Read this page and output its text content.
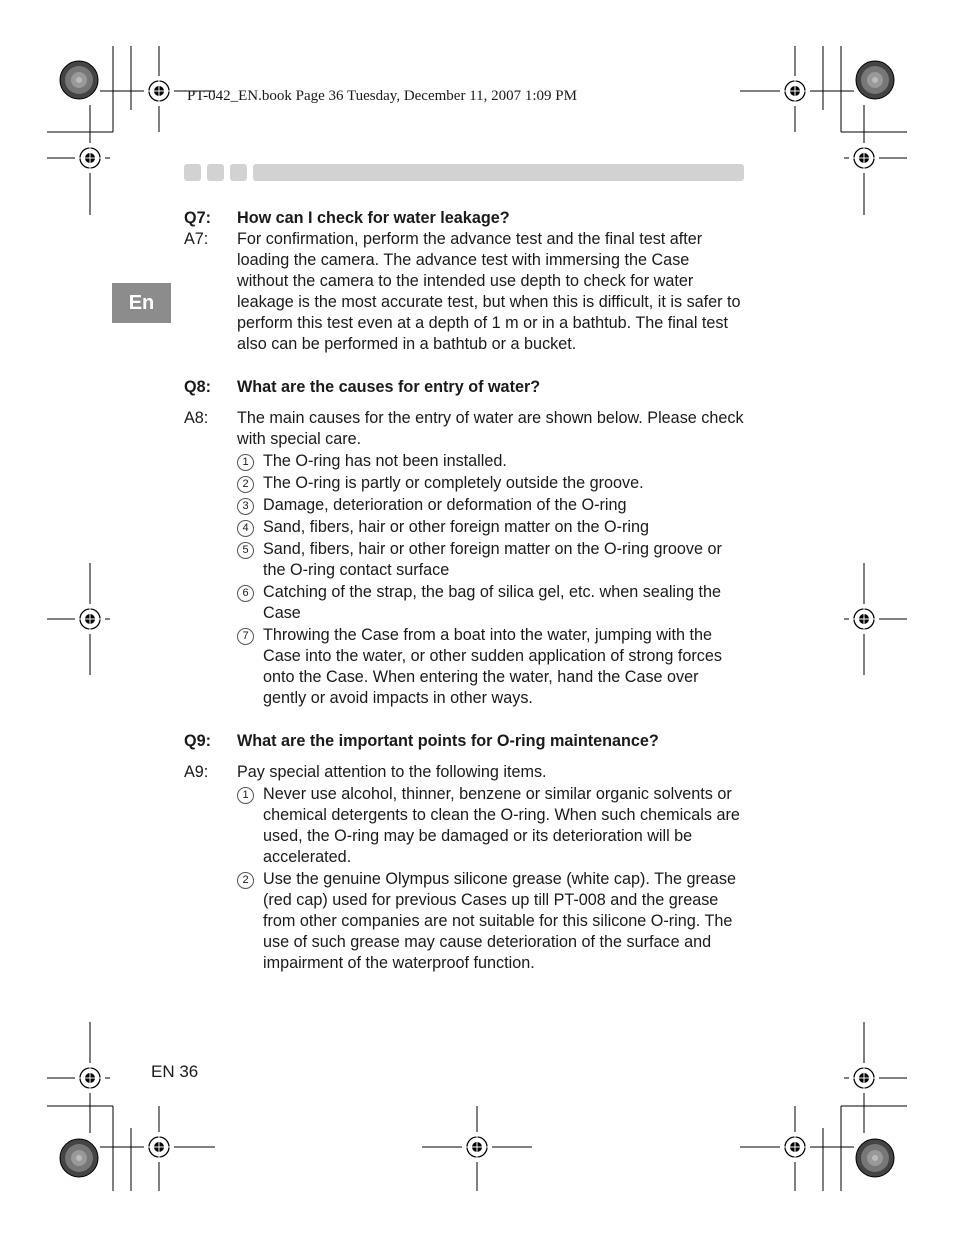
PT-042_EN.book Page 36 Tuesday, December 11, 2007 1:09 PM
En
Q7: How can I check for water leakage?
A7: For confirmation, perform the advance test and the final test after loading the camera. The advance test with immersing the Case without the camera to the intended use depth to check for water leakage is the most accurate test, but when this is difficult, it is safer to perform this test even at a depth of 1 m or in a bathtub. The final test also can be performed in a bathtub or a bucket.
Q8: What are the causes for entry of water?
A8: The main causes for the entry of water are shown below. Please check with special care.
1 The O-ring has not been installed.
2 The O-ring is partly or completely outside the groove.
3 Damage, deterioration or deformation of the O-ring
4 Sand, fibers, hair or other foreign matter on the O-ring
5 Sand, fibers, hair or other foreign matter on the O-ring groove or the O-ring contact surface
6 Catching of the strap, the bag of silica gel, etc. when sealing the Case
7 Throwing the Case from a boat into the water, jumping with the Case into the water, or other sudden application of strong forces onto the Case. When entering the water, hand the Case over gently or avoid impacts in other ways.
Q9: What are the important points for O-ring maintenance?
A9: Pay special attention to the following items.
1 Never use alcohol, thinner, benzene or similar organic solvents or chemical detergents to clean the O-ring. When such chemicals are used, the O-ring may be damaged or its deterioration will be accelerated.
2 Use the genuine Olympus silicone grease (white cap). The grease (red cap) used for previous Cases up till PT-008 and the grease from other companies are not suitable for this silicone O-ring. The use of such grease may cause deterioration of the surface and impairment of the waterproof function.
EN 36
